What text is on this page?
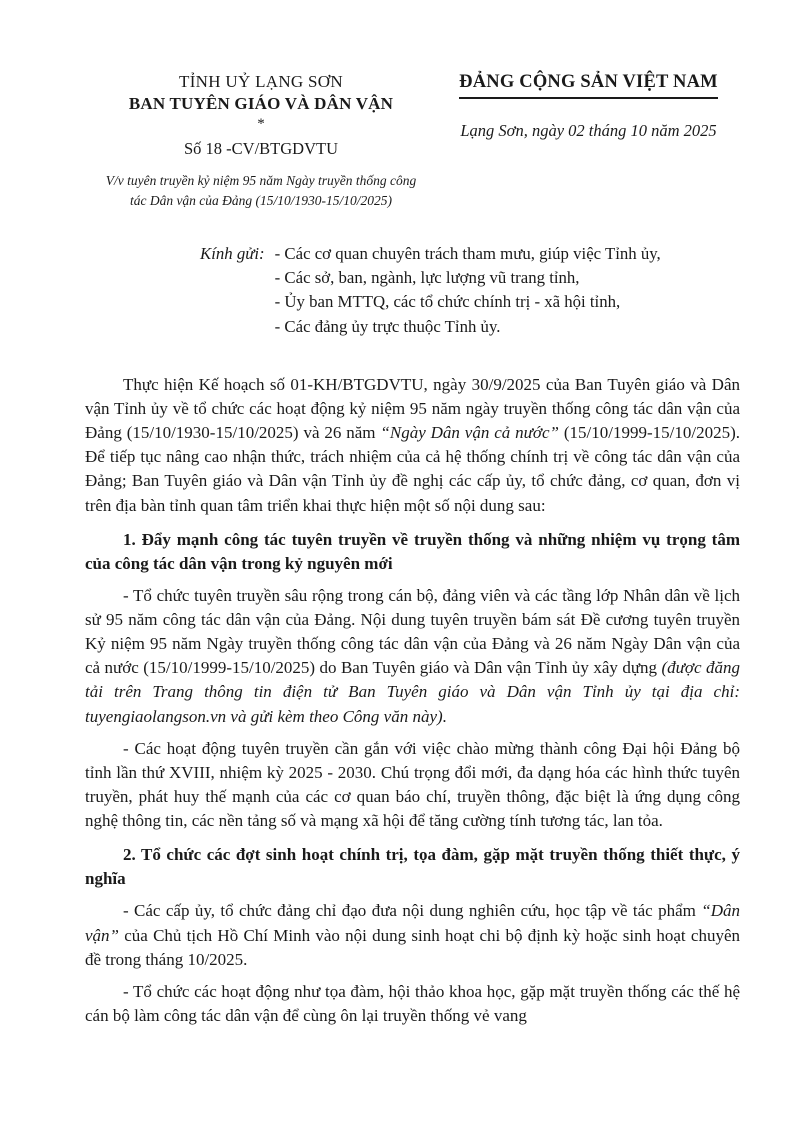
TỈNH UỶ LẠNG SƠN
BAN TUYÊN GIÁO VÀ DÂN VẬN
*
Số 18 -CV/BTGDVTU
V/v tuyên truyền kỷ niệm 95 năm Ngày truyền thống công tác Dân vận của Đảng (15/10/1930-15/10/2025)
ĐẢNG CỘNG SẢN VIỆT NAM
Lạng Sơn, ngày 02 tháng 10 năm 2025
Kính gửi: - Các cơ quan chuyên trách tham mưu, giúp việc Tỉnh ủy,
- Các sở, ban, ngành, lực lượng vũ trang tỉnh,
- Ủy ban MTTQ, các tổ chức chính trị - xã hội tỉnh,
- Các đảng ủy trực thuộc Tỉnh ủy.

Thực hiện Kế hoạch số 01-KH/BTGDVTU, ngày 30/9/2025 của Ban Tuyên giáo và Dân vận Tỉnh ủy về tổ chức các hoạt động kỷ niệm 95 năm ngày truyền thống công tác dân vận của Đảng (15/10/1930-15/10/2025) và 26 năm “Ngày Dân vận cả nước” (15/10/1999-15/10/2025). Để tiếp tục nâng cao nhận thức, trách nhiệm của cả hệ thống chính trị về công tác dân vận của Đảng; Ban Tuyên giáo và Dân vận Tỉnh ủy đề nghị các cấp ủy, tổ chức đảng, cơ quan, đơn vị trên địa bàn tỉnh quan tâm triển khai thực hiện một số nội dung sau:

1. Đẩy mạnh công tác tuyên truyền về truyền thống và những nhiệm vụ trọng tâm của công tác dân vận trong kỷ nguyên mới

- Tổ chức tuyên truyền sâu rộng trong cán bộ, đảng viên và các tầng lớp Nhân dân về lịch sử 95 năm công tác dân vận của Đảng. Nội dung tuyên truyền bám sát Đề cương tuyên truyền Kỷ niệm 95 năm Ngày truyền thống công tác dân vận của Đảng và 26 năm Ngày Dân vận của cả nước (15/10/1999-15/10/2025) do Ban Tuyên giáo và Dân vận Tỉnh ủy xây dựng (được đăng tải trên Trang thông tin điện tử Ban Tuyên giáo và Dân vận Tỉnh ủy tại địa chỉ: tuyengiaolangson.vn và gửi kèm theo Công văn này).

- Các hoạt động tuyên truyền cần gắn với việc chào mừng thành công Đại hội Đảng bộ tỉnh lần thứ XVIII, nhiệm kỳ 2025 - 2030. Chú trọng đổi mới, đa dạng hóa các hình thức tuyên truyền, phát huy thế mạnh của các cơ quan báo chí, truyền thông, đặc biệt là ứng dụng công nghệ thông tin, các nền tảng số và mạng xã hội để tăng cường tính tương tác, lan tỏa.

2. Tổ chức các đợt sinh hoạt chính trị, tọa đàm, gặp mặt truyền thống thiết thực, ý nghĩa

- Các cấp ủy, tổ chức đảng chỉ đạo đưa nội dung nghiên cứu, học tập về tác phẩm “Dân vận” của Chủ tịch Hồ Chí Minh vào nội dung sinh hoạt chi bộ định kỳ hoặc sinh hoạt chuyên đề trong tháng 10/2025.

- Tổ chức các hoạt động như tọa đàm, hội thảo khoa học, gặp mặt truyền thống các thế hệ cán bộ làm công tác dân vận để cùng ôn lại truyền thống vẻ vang
